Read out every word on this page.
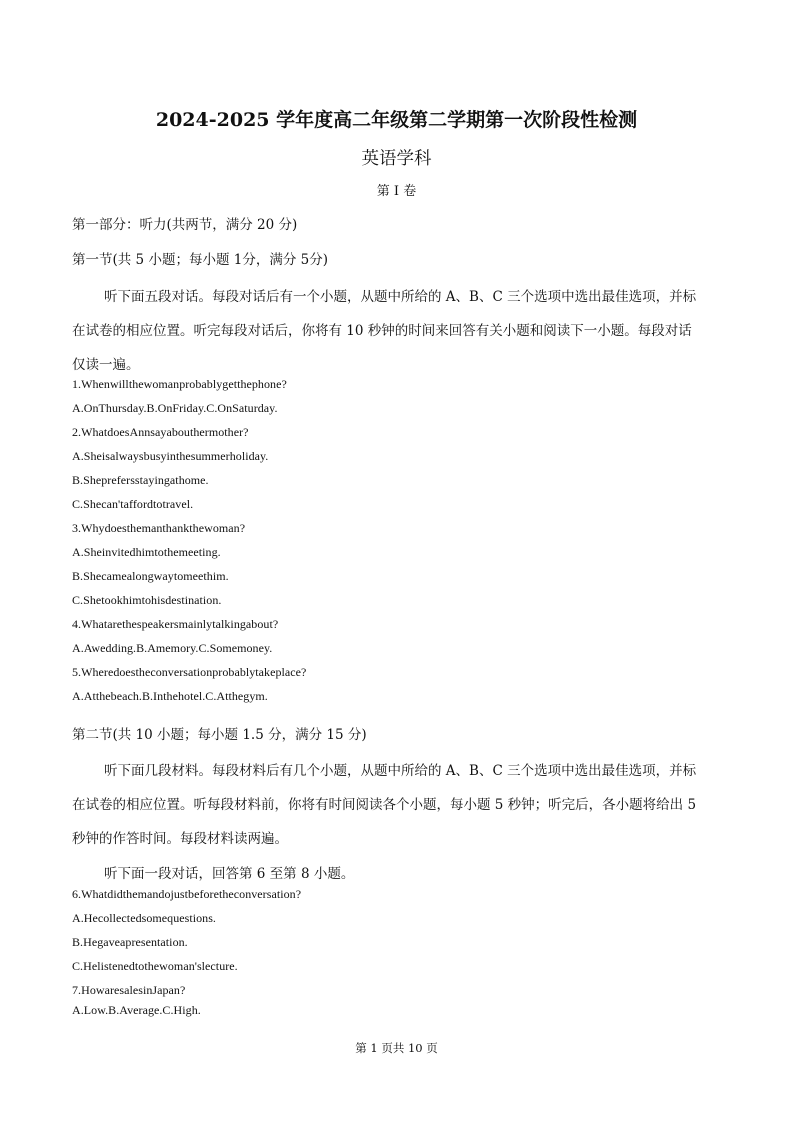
2024-2025 学年度高二年级第二学期第一次阶段性检测
英语学科
第 I 卷
第一部分：听力(共两节，满分 20 分)
第一节(共 5 小题；每小题 1分，满分 5分)
听下面五段对话。每段对话后有一个小题，从题中所给的 A、B、C 三个选项中选出最佳选项，并标
在试卷的相应位置。听完每段对话后，你将有 10 秒钟的时间来回答有关小题和阅读下一小题。每段对话
仅读一遍。
1.Whenwillthewomanprobablygetthephone?
A.OnThursday.B.OnFriday.C.OnSaturday.
2.WhatdoesAnnsayabouthermother?
A.Sheisalwaysbusyinthesummerholiday.
B.Sheprefersstayingathome.
C.Shecan'taffordtotravel.
3.Whydoesthemanthankthewoman?
A.Sheinvitedhimtothemeeting.
B.Shecamealongwaytomeethim.
C.Shetookhimtohisdestination.
4.Whatarethespeakersmainlytalkingabout?
A.Awedding.B.Amemory.C.Somemoney.
5.Wheredoestheconversationprobablytakeplace?
A.Atthebeach.B.Inthehotel.C.Atthegym.
第二节(共 10 小题；每小题 1.5 分，满分 15 分)
听下面几段材料。每段材料后有几个小题，从题中所给的 A、B、C 三个选项中选出最佳选项，并标
在试卷的相应位置。听每段材料前，你将有时间阅读各个小题，每小题 5 秒钟；听完后，各小题将给出 5
秒钟的作答时间。每段材料读两遍。
听下面一段对话，回答第 6 至第 8 小题。
6.Whatdidthemandojustbeforetheconversation?
A.Hecollectedsomequestions.
B.Hegaveapresentation.
C.Helistenedtothewoman'slecture.
7.HowaresalesinJapan?
A.Low.B.Average.C.High.
第 1 页共 10 页
